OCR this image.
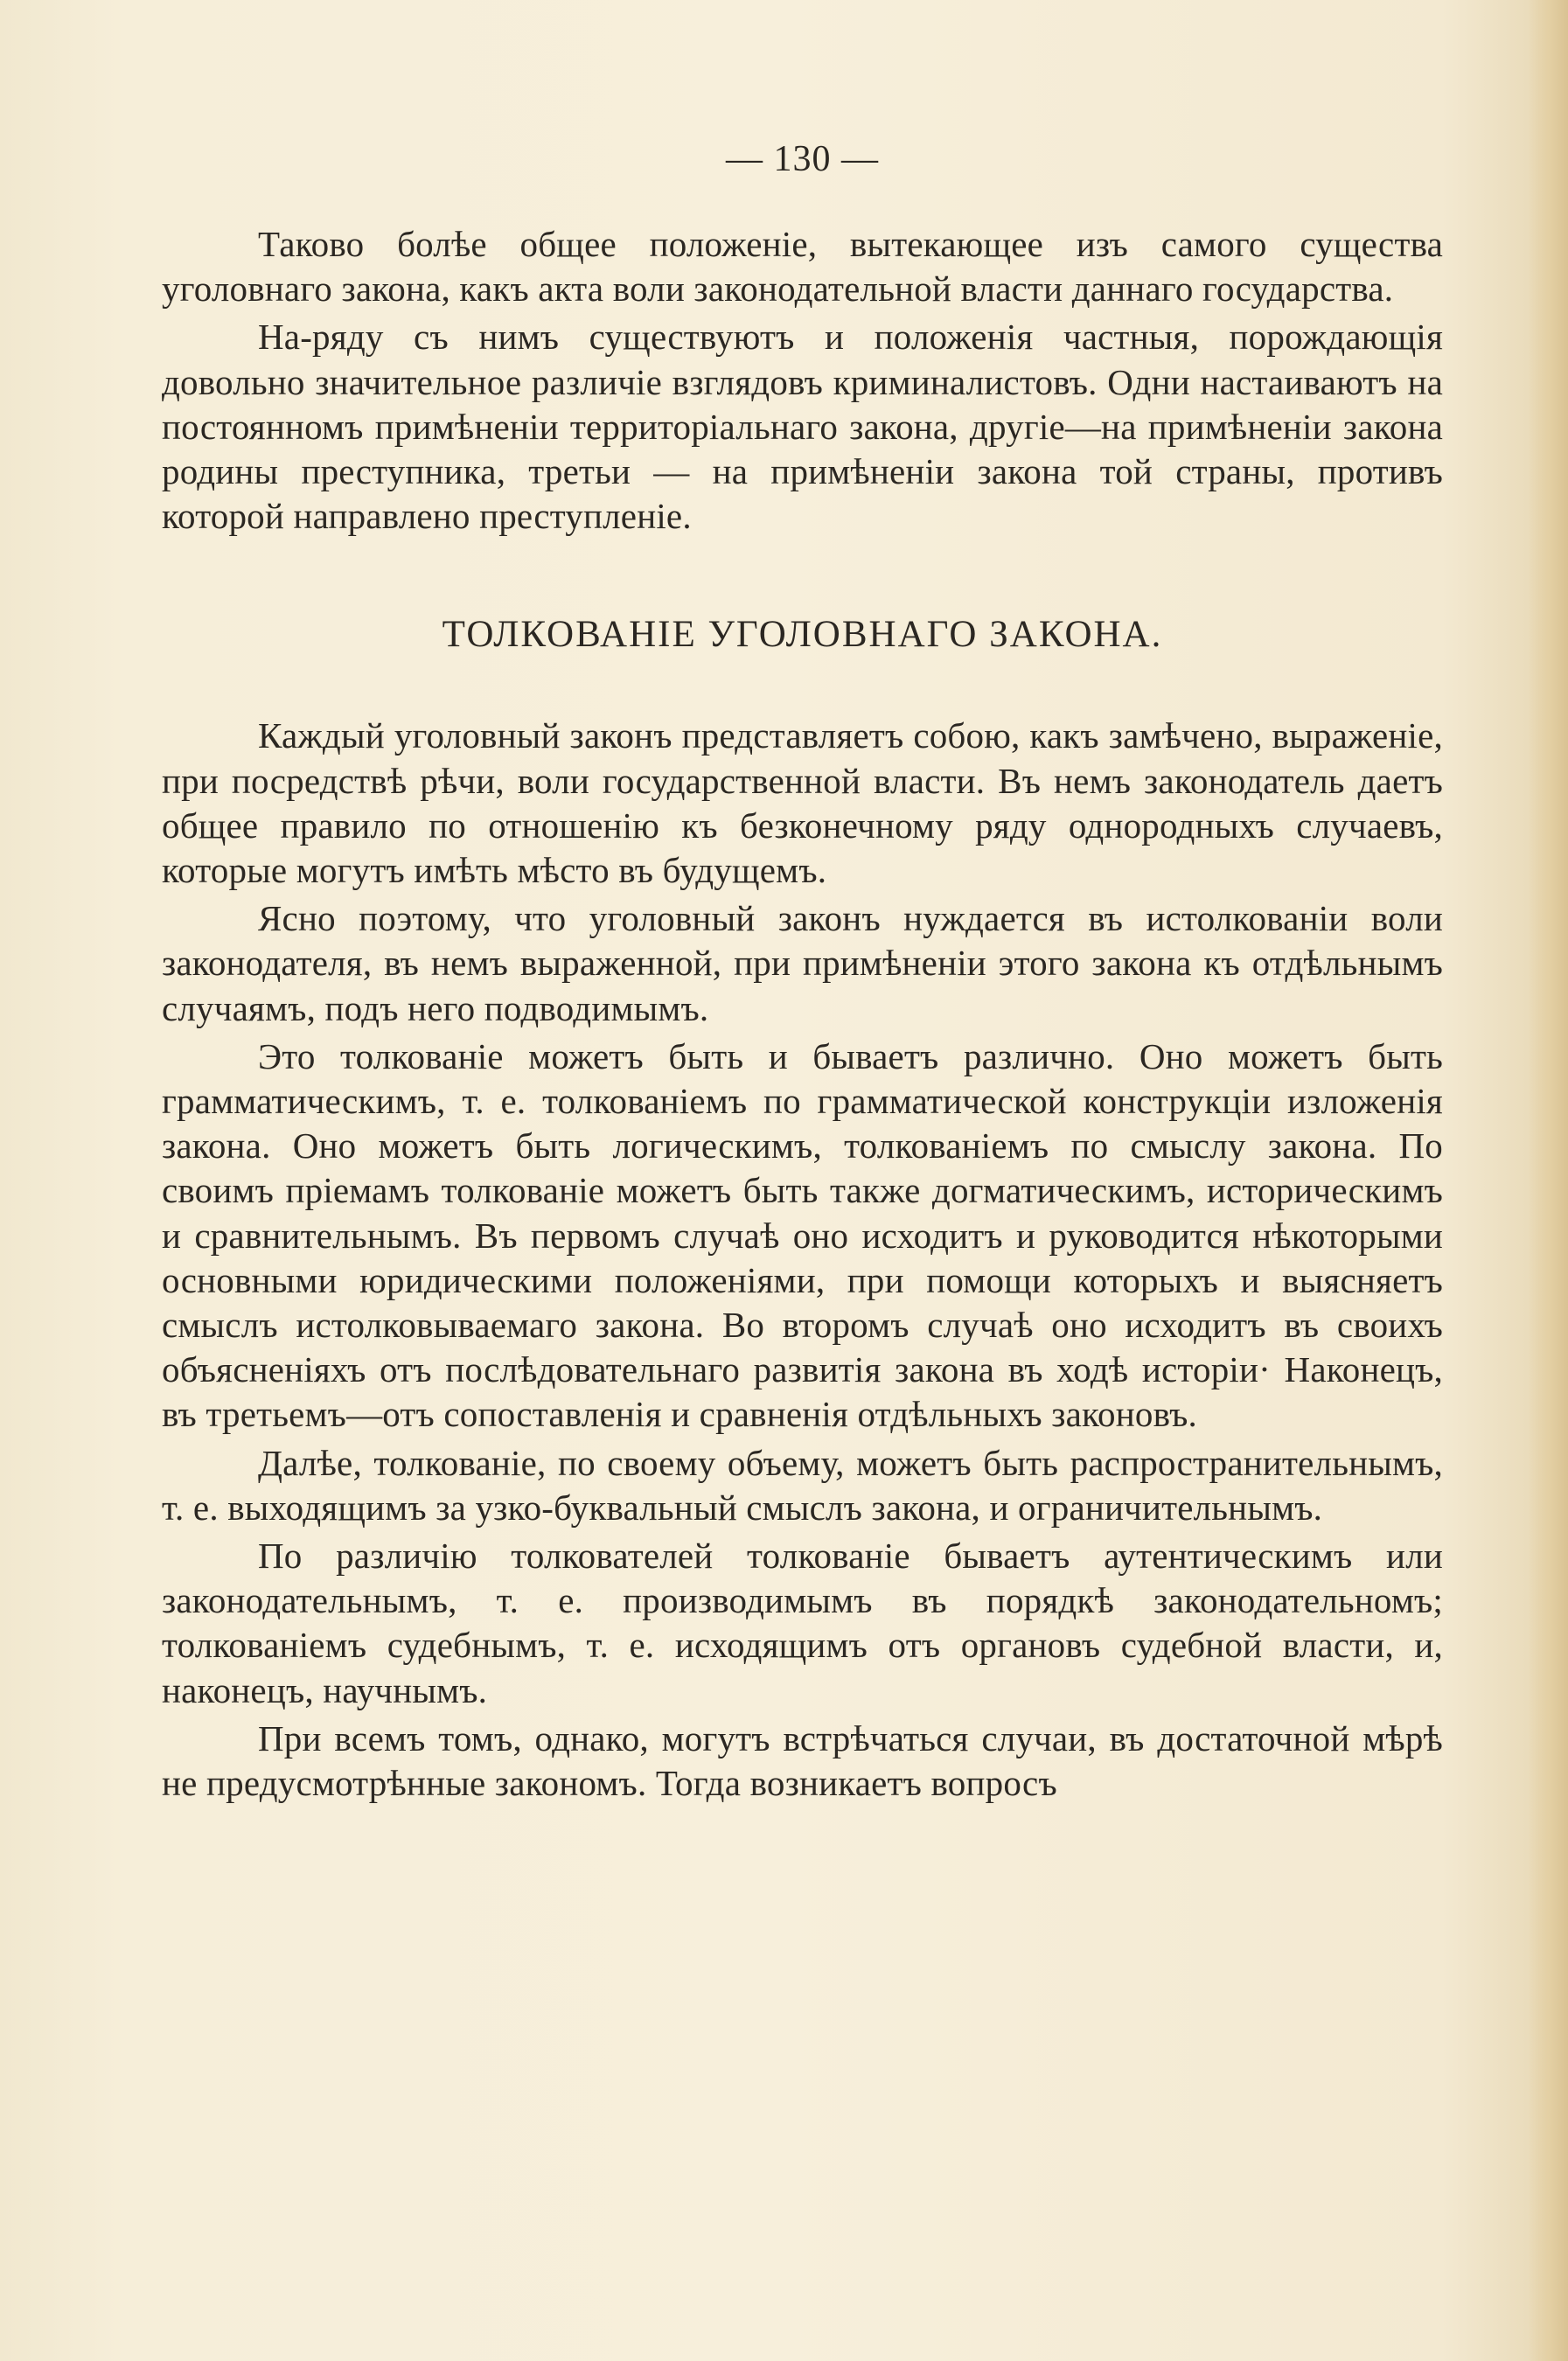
— 130 —

Таково болѣе общее положеніе, вытекающее изъ самого существа уголовнаго закона, какъ акта воли законодательной власти даннаго государства.

На-ряду съ нимъ существуютъ и положенія частныя, порождающія довольно значительное различіе взглядовъ криминалистовъ. Одни настаиваютъ на постоянномъ примѣненіи территоріальнаго закона, другіе—на примѣненіи закона родины преступника, третьи — на примѣненіи закона той страны, противъ которой направлено преступленіе.

ТОЛКОВАНІЕ УГОЛОВНАГО ЗАКОНА.

Каждый уголовный законъ представляетъ собою, какъ замѣчено, выраженіе, при посредствѣ рѣчи, воли государственной власти. Въ немъ законодатель даетъ общее правило по отношенію къ безконечному ряду однородныхъ случаевъ, которые могутъ имѣть мѣсто въ будущемъ.

Ясно поэтому, что уголовный законъ нуждается въ истолкованіи воли законодателя, въ немъ выраженной, при примѣненіи этого закона къ отдѣльнымъ случаямъ, подъ него подводимымъ.

Это толкованіе можетъ быть и бываетъ различно. Оно можетъ быть грамматическимъ, т. е. толкованіемъ по грамматической конструкціи изложенія закона. Оно можетъ быть логическимъ, толкованіемъ по смыслу закона. По своимъ пріемамъ толкованіе можетъ быть также догматическимъ, историческимъ и сравнительнымъ. Въ первомъ случаѣ оно исходитъ и руководится нѣкоторыми основными юридическими положеніями, при помощи которыхъ и выясняетъ смыслъ истолковываемаго закона. Во второмъ случаѣ оно исходитъ въ своихъ объясненіяхъ отъ послѣдовательнаго развитія закона въ ходѣ исторіи· Наконецъ, въ третьемъ—отъ сопоставленія и сравненія отдѣльныхъ законовъ.

Далѣе, толкованіе, по своему объему, можетъ быть распространительнымъ, т. е. выходящимъ за узко-буквальный смыслъ закона, и ограничительнымъ.

По различію толкователей толкованіе бываетъ аутентическимъ или законодательнымъ, т. е. производимымъ въ порядкѣ законодательномъ; толкованіемъ судебнымъ, т. е. исходящимъ отъ органовъ судебной власти, и, наконецъ, научнымъ.

При всемъ томъ, однако, могутъ встрѣчаться случаи, въ достаточной мѣрѣ не предусмотрѣнные закономъ. Тогда возникаетъ вопросъ
